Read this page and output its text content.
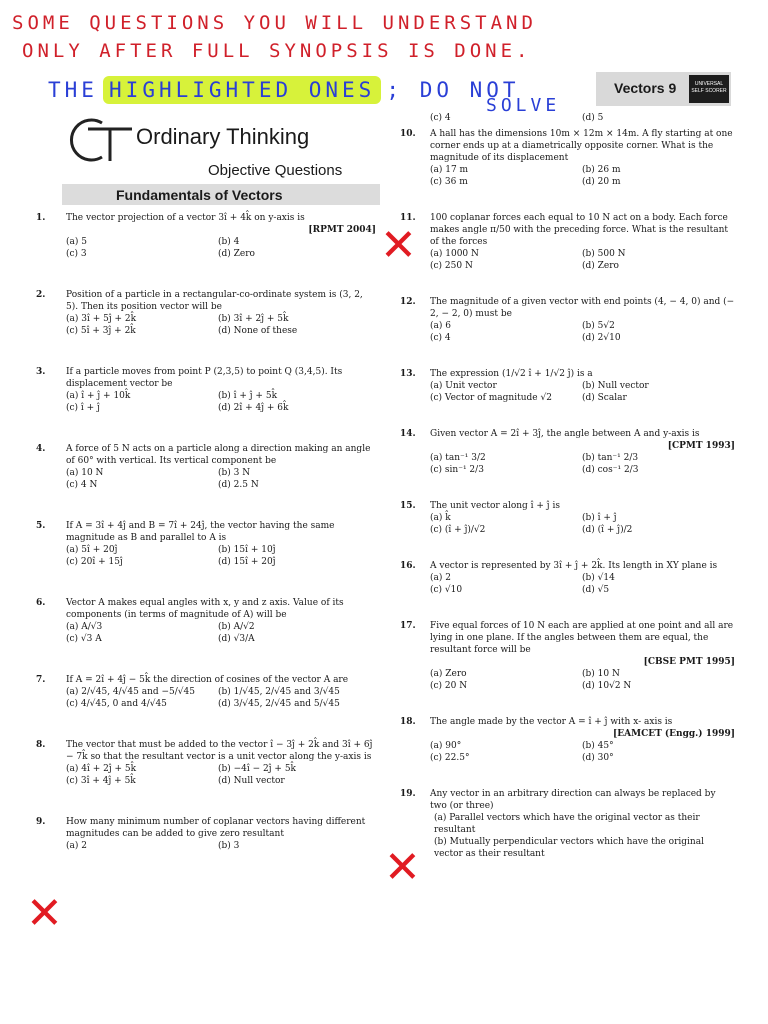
SOME QUESTIONS YOU WILL UNDERSTAND
ONLY AFTER FULL SYNOPSIS IS DONE.
THE HIGHLIGHTED ONES ; DO NOT
SOLVE
Vectors 9	UNIVERSAL
SELF SCORER
Ordinary Thinking
Objective Questions
Fundamentals of Vectors
1. The vector projection of a vector 3î + 4k̂ on y-axis is
[RPMT 2004]
(a) 5	(b) 4
(c) 3	(d) Zero
2. Position of a particle in a rectangular-co-ordinate system is (3, 2, 5). Then its position vector will be
(a) 3î + 5ĵ + 2k̂	(b) 3î + 2ĵ + 5k̂
(c) 5î + 3ĵ + 2k̂	(d) None of these
3. If a particle moves from point P (2,3,5) to point Q (3,4,5). Its displacement vector be
(a) î + ĵ + 10k̂	(b) î + ĵ + 5k̂
(c) î + ĵ	(d) 2î + 4ĵ + 6k̂
4. A force of 5 N acts on a particle along a direction making an angle of 60° with vertical. Its vertical component be
(a) 10 N	(b) 3 N
(c) 4 N	(d) 2.5 N
5. If A = 3î + 4ĵ and B = 7î + 24ĵ, the vector having the same magnitude as B and parallel to A is
(a) 5î + 20ĵ	(b) 15î + 10ĵ
(c) 20î + 15ĵ	(d) 15î + 20ĵ
6. Vector A makes equal angles with x, y and z axis. Value of its components (in terms of magnitude of A) will be
(a) A/√3	(b) A/√2
(c) √3 A	(d) √3/A
7. If A = 2î + 4ĵ − 5k̂ the direction of cosines of the vector A are
(a) 2/√45, 4/√45 and −5/√45	(b) 1/√45, 2/√45 and 3/√45
(c) 4/√45, 0 and 4/√45	(d) 3/√45, 2/√45 and 5/√45
8. The vector that must be added to the vector î − 3ĵ + 2k̂ and 3î + 6ĵ − 7k̂ so that the resultant vector is a unit vector along the y-axis is
(a) 4î + 2ĵ + 5k̂	(b) −4î − 2ĵ + 5k̂
(c) 3î + 4ĵ + 5k̂	(d) Null vector
9. How many minimum number of coplanar vectors having different magnitudes can be added to give zero resultant
(a) 2	(b) 3
(c) 4	(d) 5
10. A hall has the dimensions 10m × 12m × 14m. A fly starting at one corner ends up at a diametrically opposite corner. What is the magnitude of its displacement
(a) 17 m	(b) 26 m
(c) 36 m	(d) 20 m
11. 100 coplanar forces each equal to 10 N act on a body. Each force makes angle π/50 with the preceding force. What is the resultant of the forces
(a) 1000 N	(b) 500 N
(c) 250 N	(d) Zero
12. The magnitude of a given vector with end points (4, − 4, 0) and (− 2, − 2, 0) must be
(a) 6	(b) 5√2
(c) 4	(d) 2√10
13. The expression (1/√2 î + 1/√2 ĵ) is a
(a) Unit vector	(b) Null vector
(c) Vector of magnitude √2	(d) Scalar
14. Given vector A = 2î + 3ĵ, the angle between A and y-axis is
[CPMT 1993]
(a) tan⁻¹ 3/2	(b) tan⁻¹ 2/3
(c) sin⁻¹ 2/3	(d) cos⁻¹ 2/3
15. The unit vector along î + ĵ is
(a) k̂	(b) î + ĵ
(c) (î + ĵ)/√2	(d) (î + ĵ)/2
16. A vector is represented by 3î + ĵ + 2k̂. Its length in XY plane is
(a) 2	(b) √14
(c) √10	(d) √5
17. Five equal forces of 10 N each are applied at one point and all are lying in one plane. If the angles between them are equal, the resultant force will be
[CBSE PMT 1995]
(a) Zero	(b) 10 N
(c) 20 N	(d) 10√2 N
18. The angle made by the vector A = î + ĵ with x- axis is
[EAMCET (Engg.) 1999]
(a) 90°	(b) 45°
(c) 22.5°	(d) 30°
19. Any vector in an arbitrary direction can always be replaced by two (or three)
(a) Parallel vectors which have the original vector as their resultant
(b) Mutually perpendicular vectors which have the original vector as their resultant
✕
✕
✕
